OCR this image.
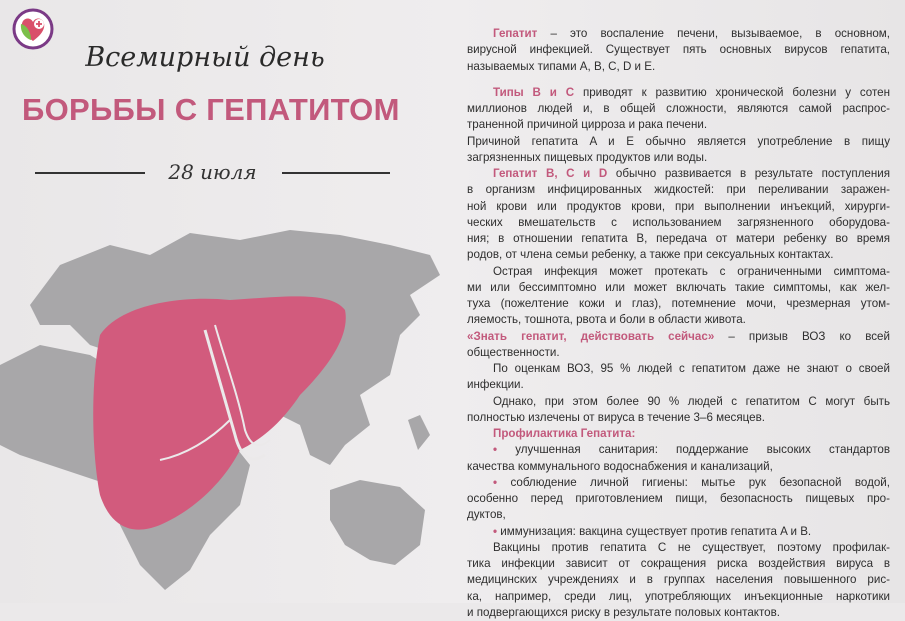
Всемирный день
БОРЬБЫ С ГЕПАТИТОМ
28 июля
Гепатит – это воспаление печени, вызываемое, в основном,
вирусной инфекцией. Существует пять основных вирусов гепатита,
называемых типами A, B, C, D и E.
Типы B и C приводят к развитию хронической болезни у сотен
миллионов людей и, в общей сложности, являются самой распрос-
траненной причиной цирроза и рака печени.
Причиной гепатита A и E обычно является употребление в пищу
загрязненных пищевых продуктов или воды.
Гепатит B, C и D обычно развивается в результате поступления
в организм инфицированных жидкостей: при переливании заражен-
ной крови или продуктов крови, при выполнении инъекций, хирурги-
ческих вмешательств с использованием загрязненного оборудова-
ния; в отношении гепатита B, передача от матери ребенку во время
родов, от члена семьи ребенку, а также при сексуальных контактах.
Острая инфекция может протекать с ограниченными симптома-
ми или бессимптомно или может включать такие симптомы, как жел-
туха (пожелтение кожи и глаз), потемнение мочи, чрезмерная утом-
ляемость, тошнота, рвота и боли в области живота.
«Знать гепатит, действовать сейчас» – призыв ВОЗ ко всей
общественности.
По оценкам ВОЗ, 95 % людей с гепатитом даже не знают о своей
инфекции.
Однако, при этом более 90 % людей с гепатитом C могут быть
полностью излечены от вируса в течение 3–6 месяцев.
Профилактика Гепатита:
• улучшенная санитария: поддержание высоких стандартов
качества коммунального водоснабжения и канализаций,
• соблюдение личной гигиены: мытье рук безопасной водой,
особенно перед приготовлением пищи, безопасность пищевых про-
дуктов,
• иммунизация: вакцина существует против гепатита A и B.
Вакцины против гепатита C не существует, поэтому профилак-
тика инфекции зависит от сокращения риска воздействия вируса в
медицинских учреждениях и в группах населения повышенного рис-
ка, например, среди лиц, употребляющих инъекционные наркотики
и подвергающихся риску в результате половых контактов.
